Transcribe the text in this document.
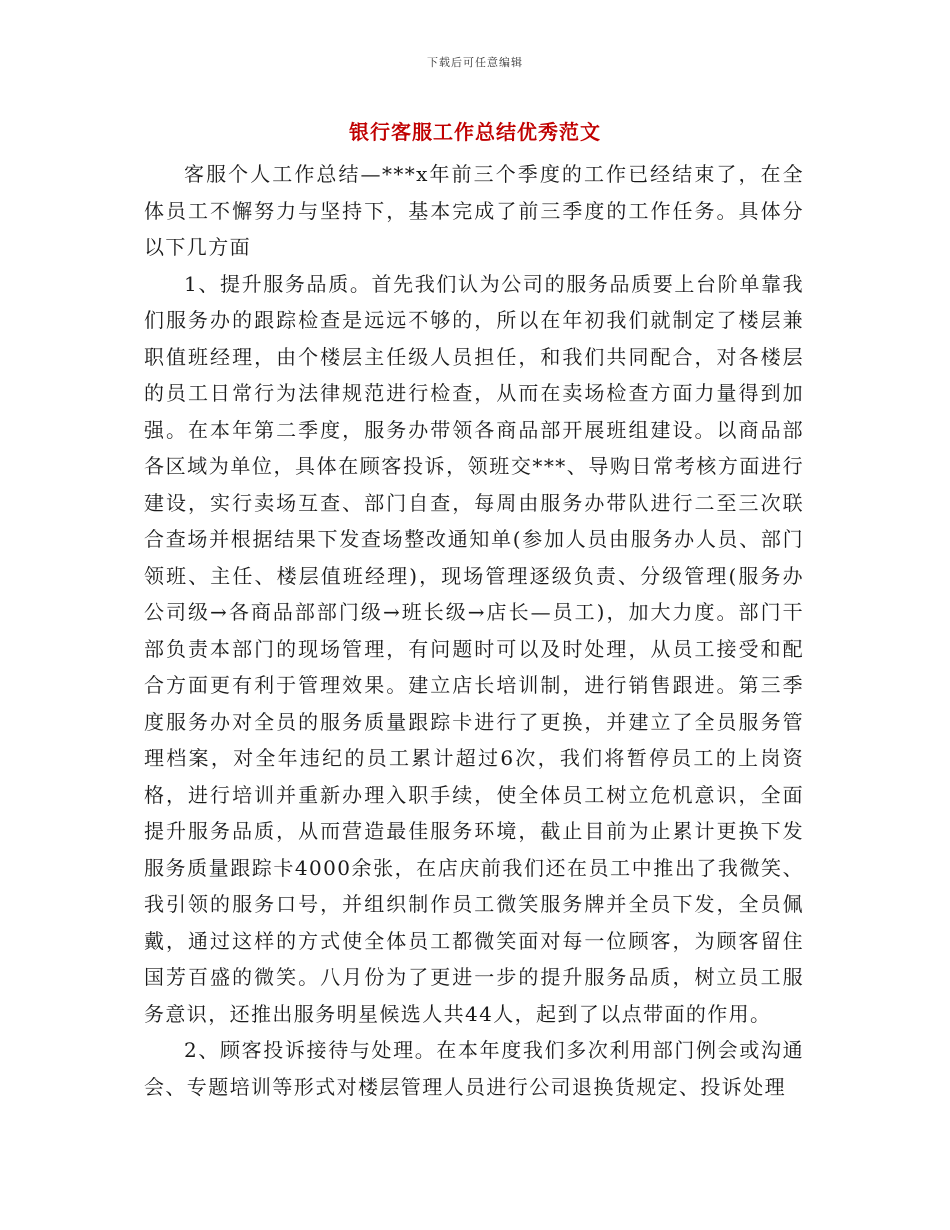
下载后可任意编辑
银行客服工作总结优秀范文

客服个人工作总结—***x年前三个季度的工作已经结束了，在全体员工不懈努力与坚持下，基本完成了前三季度的工作任务。具体分以下几方面

1、提升服务品质。首先我们认为公司的服务品质要上台阶单靠我们服务办的跟踪检查是远远不够的，所以在年初我们就制定了楼层兼职值班经理，由个楼层主任级人员担任，和我们共同配合，对各楼层的员工日常行为法律规范进行检查，从而在卖场检查方面力量得到加强。在本年第二季度，服务办带领各商品部开展班组建设。以商品部各区域为单位，具体在顾客投诉，领班交***、导购日常考核方面进行建设，实行卖场互查、部门自查，每周由服务办带队进行二至三次联合查场并根据结果下发查场整改通知单(参加人员由服务办人员、部门领班、主任、楼层值班经理)，现场管理逐级负责、分级管理(服务办公司级→各商品部部门级→班长级→店长—员工)，加大力度。部门干部负责本部门的现场管理，有问题时可以及时处理，从员工接受和配合方面更有利于管理效果。建立店长培训制，进行销售跟进。第三季度服务办对全员的服务质量跟踪卡进行了更换，并建立了全员服务管理档案，对全年违纪的员工累计超过6次，我们将暂停员工的上岗资格，进行培训并重新办理入职手续，使全体员工树立危机意识，全面提升服务品质，从而营造最佳服务环境，截止目前为止累计更换下发服务质量跟踪卡4000余张，在店庆前我们还在员工中推出了我微笑、我引领的服务口号，并组织制作员工微笑服务牌并全员下发，全员佩戴，通过这样的方式使全体员工都微笑面对每一位顾客，为顾客留住国芳百盛的微笑。八月份为了更进一步的提升服务品质，树立员工服务意识，还推出服务明星候选人共44人，起到了以点带面的作用。

2、顾客投诉接待与处理。在本年度我们多次利用部门例会或沟通会、专题培训等形式对楼层管理人员进行公司退换货规定、投诉处理
